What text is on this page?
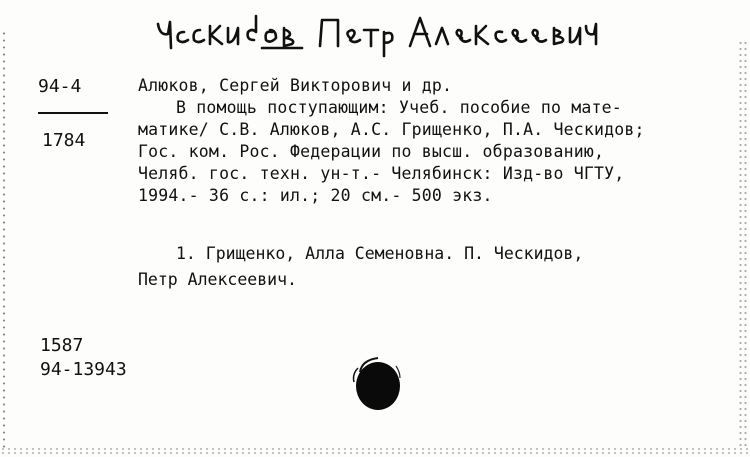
94-4
1784

Алюков, Сергей Викторович и др.

В помощь поступающим: Учеб. пособие по мате-

матике/ С.В. Алюков, А.С. Грищенко, П.А. Ческидов;

Гос. ком. Рос. Федерации по высш. образованию,

Челяб. гос. техн. ун-т.- Челябинск: Изд-во ЧГТУ,

1994.- 36 с.: ил.; 20 см.- 500 экз.

1. Грищенко, Алла Семеновна. П. Ческидов,

Петр Алексеевич.

1587
94-13943
